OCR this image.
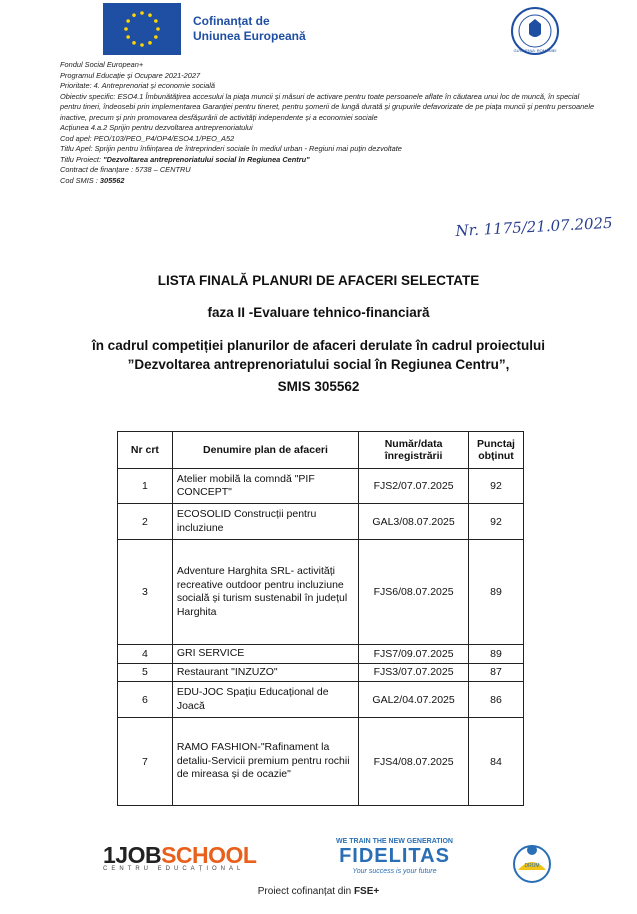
Cofinanțat de
Uniunea Europeană
GUVERNUL ROMÂNIEI
Fondul Social European+
Programul Educație și Ocupare 2021-2027
Prioritate: 4. Antreprenoriat și economie socială
Obiectiv specific: ESO4.1 Îmbunătățirea accesului la piața muncii și măsuri de activare pentru toate persoanele aflate în căutarea unui loc de muncă, în special pentru tineri, îndeosebi prin implementarea Garanției pentru tineret, pentru șomerii de lungă durată și grupurile defavorizate de pe piața muncii și pentru persoanele inactive, precum și prin promovarea desfășurării de activități independente și a economiei sociale
Acțiunea 4.a.2 Sprijin pentru dezvoltarea antreprenoriatului
Cod apel: PEO/103/PEO_P4/OP4/ESO4.1/PEO_A52
Titlu Apel: Sprijin pentru înființarea de întreprinderi sociale în mediul urban - Regiuni mai puțin dezvoltate
Titlu Proiect: "Dezvoltarea antreprenoriatului social în Regiunea Centru"
Contract de finanțare : 5738 – CENTRU
Cod SMIS : 305562
Nr. 1175/21.07.2025
LISTA FINALĂ PLANURI DE AFACERI SELECTATE
faza II -Evaluare tehnico-financiară
în cadrul competiției planurilor de afaceri derulate în cadrul proiectului
”Dezvoltarea antreprenoriatului social în Regiunea Centru”,
SMIS 305562
Nr crt	Denumire plan de afaceri	Număr/data înregistrării	Punctaj obținut
1	Atelier mobilă la comndă "PIF CONCEPT"	FJS2/07.07.2025	92
2	ECOSOLID Construcții pentru incluziune	GAL3/08.07.2025	92
3	Adventure Harghita SRL- activități recreative outdoor pentru incluziune socială și turism sustenabil în județul Harghita	FJS6/08.07.2025	89
4	GRI SERVICE	FJS7/09.07.2025	89
5	Restaurant "INZUZO"	FJS3/07.07.2025	87
6	EDU-JOC Spațiu Educațional de Joacă	GAL2/04.07.2025	86
7	RAMO FASHION-"Rafinament la detaliu-Servicii premium pentru rochii de mireasa și de ocazie"	FJS4/08.07.2025	84
1JOBSCHOOL
CENTRU EDUCAȚIONAL
WE TRAIN THE NEW GENERATION
FIDELITAS
Your success is your future
DRUM
Proiect cofinanțat din FSE+
